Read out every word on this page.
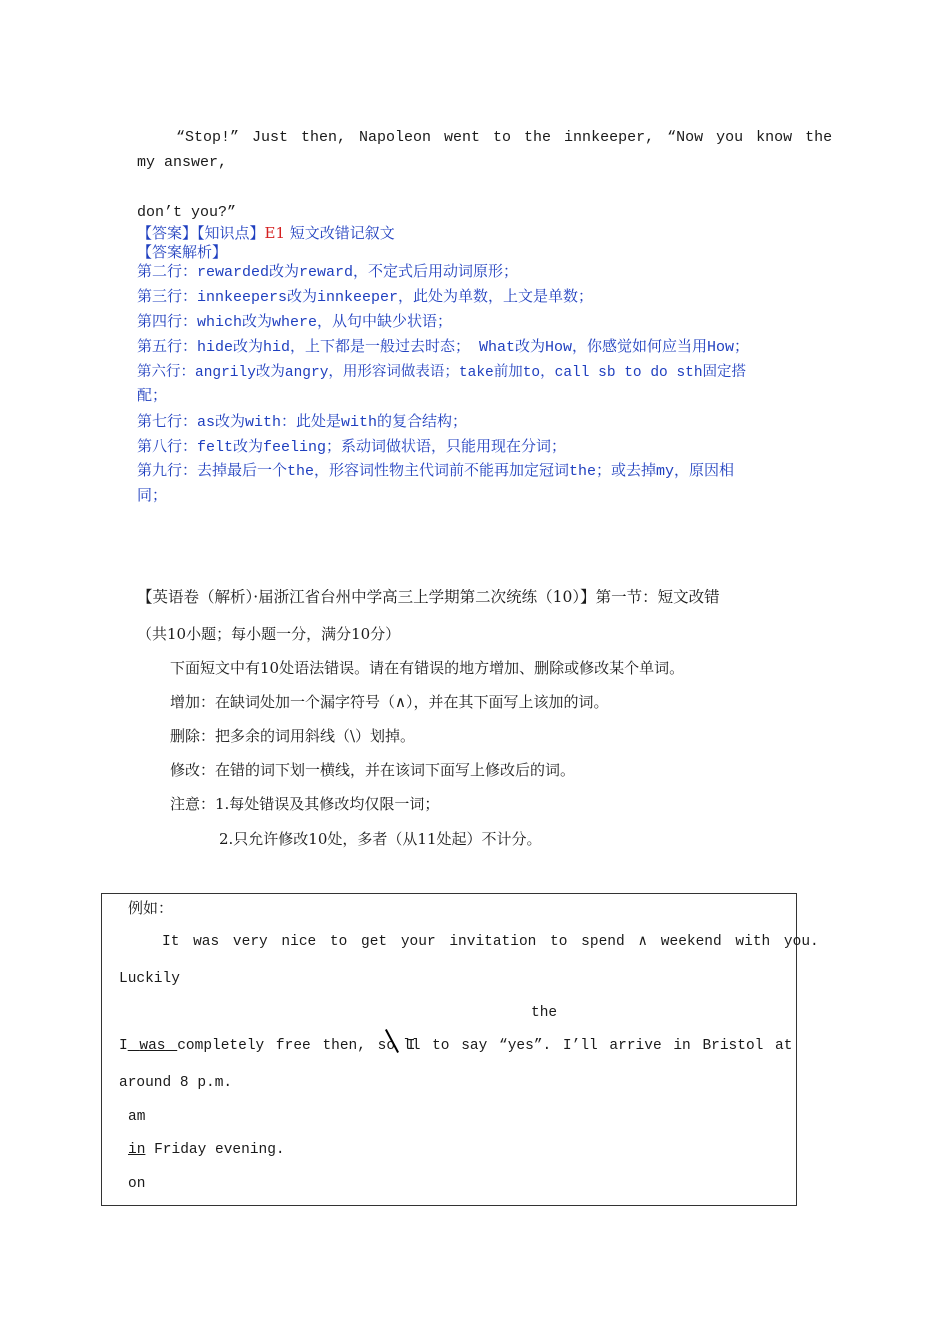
“Stop!” Just then, Napoleon went to the innkeeper, “Now you know the
my answer,
don’t you?”
【答案】【知识点】E1 短文改错记叙文
【答案解析】
第二行：rewarded改为reward，不定式后用动词原形；
第三行：innkeepers改为innkeeper，此处为单数，上文是单数；
第四行：which改为where，从句中缺少状语；
第五行：hide改为hid，上下都是一般过去时态； What改为How，你感觉如何应当用How；
第六行：angrily改为angry，用形容词做表语；take前加to，call sb to do sth固定搭
配；
第七行：as改为with：此处是with的复合结构；
第八行：felt改为feeling；系动词做状语，只能用现在分词；
第九行：去掉最后一个the，形容词性物主代词前不能再加定冠词the；或去掉my，原因相
同；
【英语卷（解析）·届浙江省台州中学高三上学期第二次统练（10）】第一节：短文改错
（共10小题；每小题一分，满分10分）
下面短文中有10处语法错误。请在有错误的地方增加、删除或修改某个单词。
增加：在缺词处加一个漏字符号（∧），并在其下面写上该加的词。
删除：把多余的词用斜线（\）划掉。
修改：在错的词下划一横线，并在该词下面写上修改后的词。
注意：1.每处错误及其修改均仅限一词；
2.只允许修改10处，多者（从11处起）不计分。
例如：
It was very nice to get your invitation to spend ∧ weekend with you.
Luckily
the
I was completely free then, so I
ll to say “yes”. I’ll arrive in Bristol at
around 8 p.m.
am
in Friday evening.
on
